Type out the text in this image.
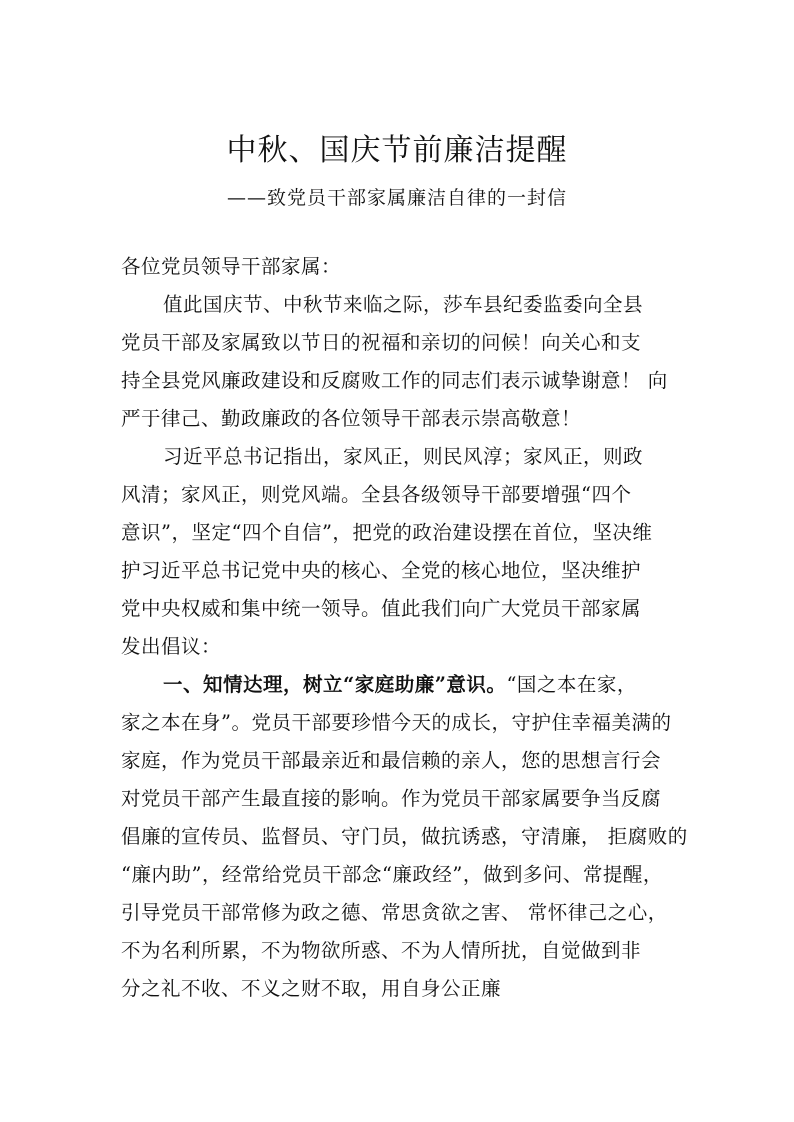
中秋、国庆节前廉洁提醒
——致党员干部家属廉洁自律的一封信
各位党员领导干部家属：
值此国庆节、中秋节来临之际，莎车县纪委监委向全县
党员干部及家属致以节日的祝福和亲切的问候！向关心和支
持全县党风廉政建设和反腐败工作的同志们表示诚挚谢意！ 向
严于律己、勤政廉政的各位领导干部表示崇高敬意！
习近平总书记指出，家风正，则民风淳；家风正，则政
风清；家风正，则党风端。全县各级领导干部要增强“四个
意识”，坚定“四个自信”，把党的政治建设摆在首位，坚决维
护习近平总书记党中央的核心、全党的核心地位，坚决维护
党中央权威和集中统一领导。值此我们向广大党员干部家属
发出倡议：
一、知情达理，树立“家庭助廉”意识。“国之本在家，
家之本在身”。党员干部要珍惜今天的成长，守护住幸福美满的
家庭，作为党员干部最亲近和最信赖的亲人，您的思想言行会
对党员干部产生最直接的影响。作为党员干部家属要争当反腐
倡廉的宣传员、监督员、守门员，做抗诱惑，守清廉， 拒腐败的
“廉内助”，经常给党员干部念“廉政经”，做到多问、常提醒，
引导党员干部常修为政之德、常思贪欲之害、 常怀律己之心，
不为名利所累，不为物欲所惑、不为人情所扰，自觉做到非
分之礼不收、不义之财不取，用自身公正廉
